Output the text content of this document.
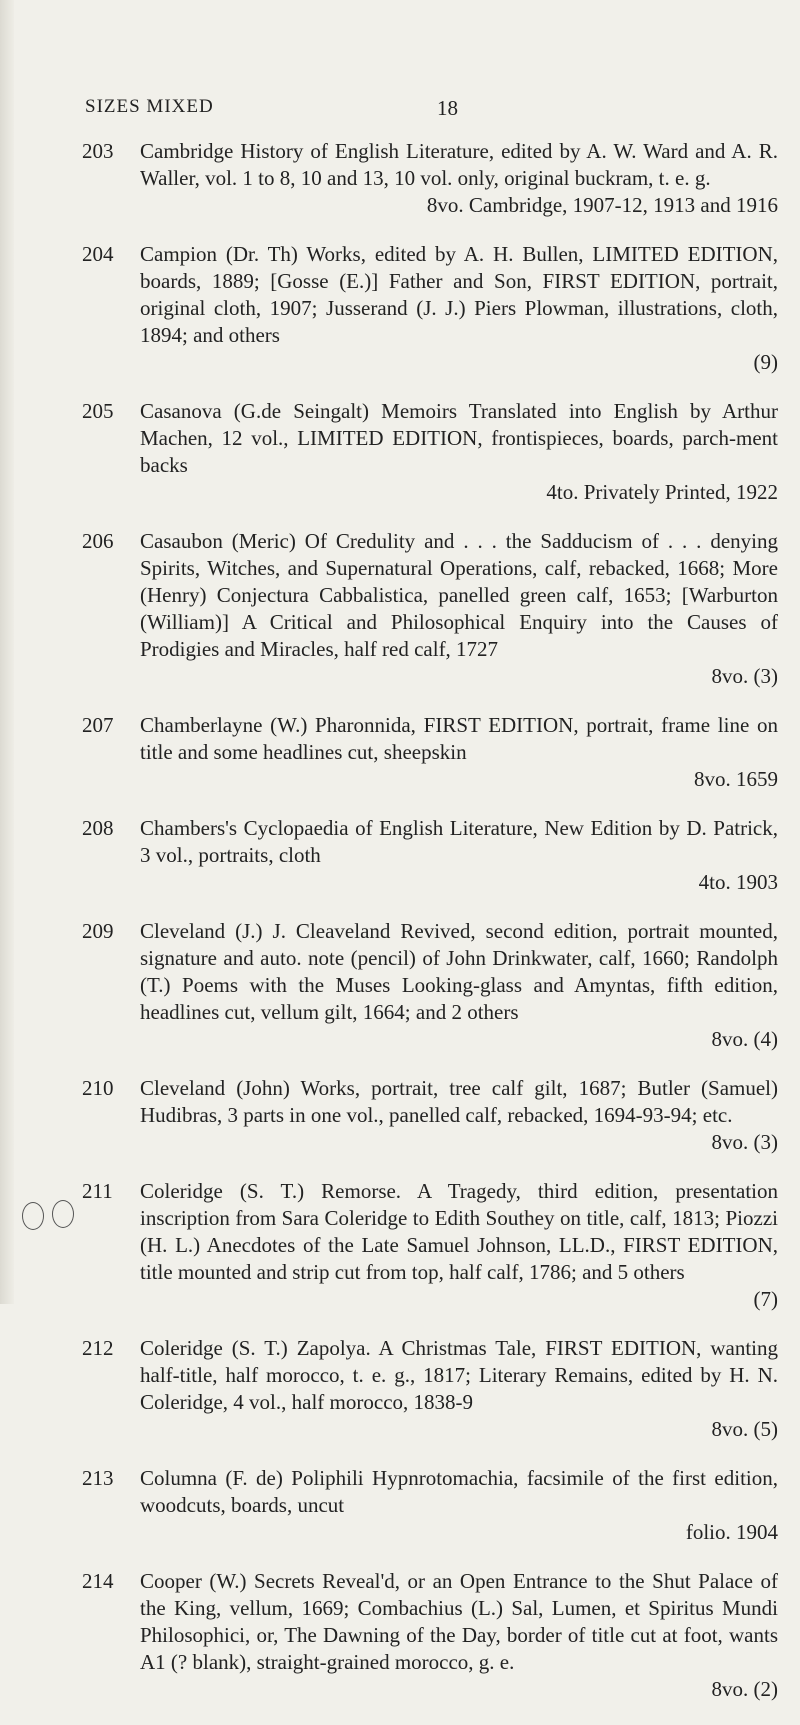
SIZES MIXED	18
203	Cambridge History of English Literature, edited by A. W. Ward and A. R. Waller, vol. 1 to 8, 10 and 13, 10 vol. only, original buckram, t. e. g.
8vo. Cambridge, 1907-12, 1913 and 1916
204	Campion (Dr. Th) Works, edited by A. H. Bullen, LIMITED EDITION, boards, 1889; [Gosse (E.)] Father and Son, FIRST EDITION, portrait, original cloth, 1907; Jusserand (J. J.) Piers Plowman, illustrations, cloth, 1894; and others
(9)
205	Casanova (G.de Seingalt) Memoirs Translated into English by Arthur Machen, 12 vol., LIMITED EDITION, frontispieces, boards, parch-ment backs
4to. Privately Printed, 1922
206	Casaubon (Meric) Of Credulity and . . . the Sadducism of . . . denying Spirits, Witches, and Supernatural Operations, calf, rebacked, 1668; More (Henry) Conjectura Cabbalistica, panelled green calf, 1653; [Warburton (William)] A Critical and Philosophical Enquiry into the Causes of Prodigies and Miracles, half red calf, 1727
8vo. (3)
207	Chamberlayne (W.) Pharonnida, FIRST EDITION, portrait, frame line on title and some headlines cut, sheepskin
8vo. 1659
208	Chambers's Cyclopaedia of English Literature, New Edition by D. Patrick, 3 vol., portraits, cloth
4to. 1903
209	Cleveland (J.) J. Cleaveland Revived, second edition, portrait mounted, signature and auto. note (pencil) of John Drinkwater, calf, 1660; Randolph (T.) Poems with the Muses Looking-glass and Amyntas, fifth edition, headlines cut, vellum gilt, 1664; and 2 others
8vo. (4)
210	Cleveland (John) Works, portrait, tree calf gilt, 1687; Butler (Samuel) Hudibras, 3 parts in one vol., panelled calf, rebacked, 1694-93-94; etc.
8vo. (3)
211	Coleridge (S. T.) Remorse. A Tragedy, third edition, presentation inscription from Sara Coleridge to Edith Southey on title, calf, 1813; Piozzi (H. L.) Anecdotes of the Late Samuel Johnson, LL.D., FIRST EDITION, title mounted and strip cut from top, half calf, 1786; and 5 others
(7)
212	Coleridge (S. T.) Zapolya. A Christmas Tale, FIRST EDITION, wanting half-title, half morocco, t. e. g., 1817; Literary Remains, edited by H. N. Coleridge, 4 vol., half morocco, 1838-9
8vo. (5)
213	Columna (F. de) Poliphili Hypnrotomachia, facsimile of the first edition, woodcuts, boards, uncut
folio. 1904
214	Cooper (W.) Secrets Reveal'd, or an Open Entrance to the Shut Palace of the King, vellum, 1669; Combachius (L.) Sal, Lumen, et Spiritus Mundi Philosophici, or, The Dawning of the Day, border of title cut at foot, wants A1 (? blank), straight-grained morocco, g. e.
8vo. (2)
